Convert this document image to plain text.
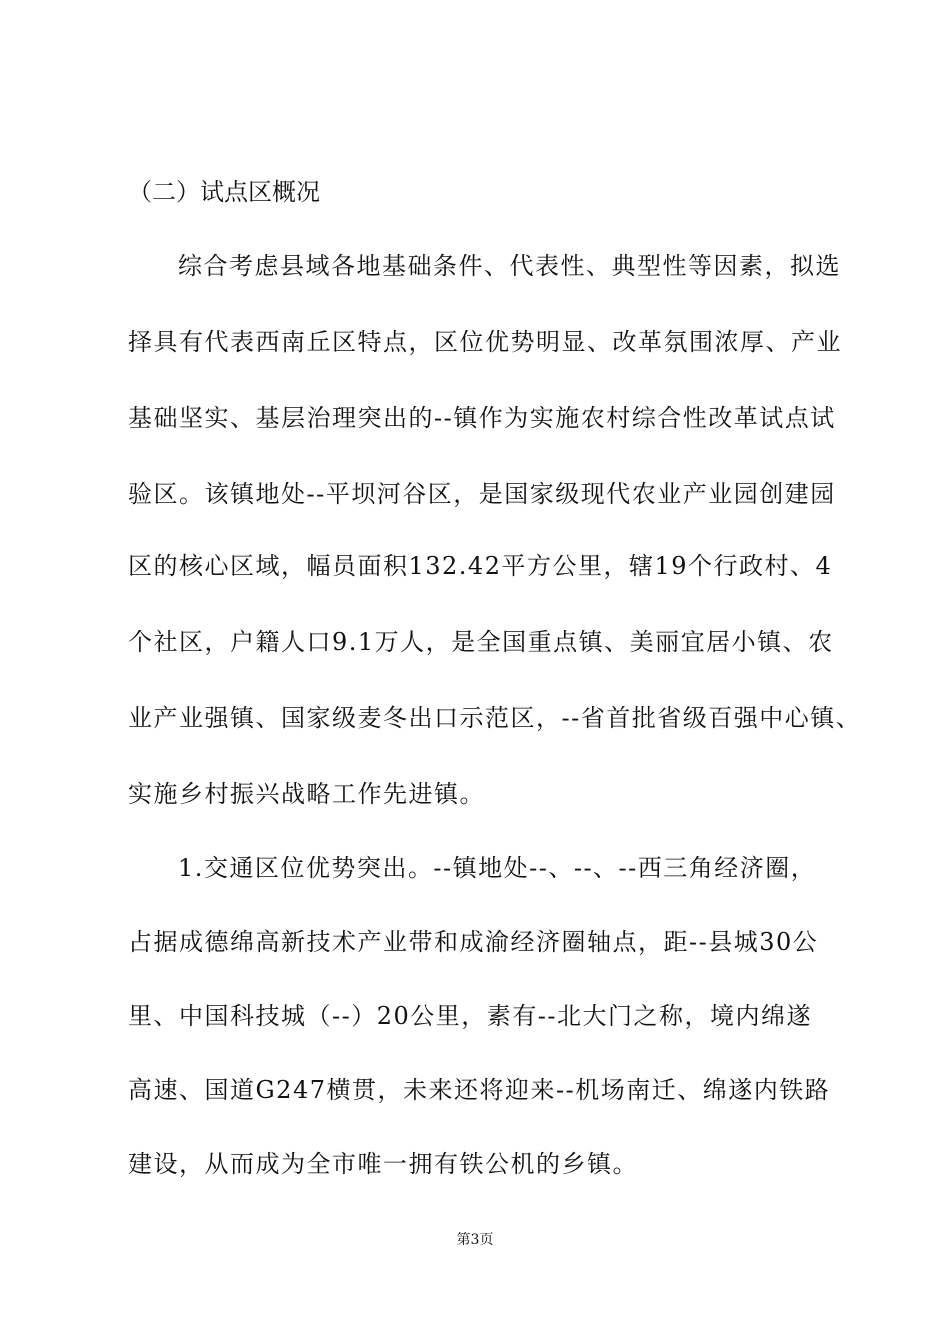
（二）试点区概况
综合考虑县域各地基础条件、代表性、典型性等因素，拟选
择具有代表西南丘区特点，区位优势明显、改革氛围浓厚、产业
基础坚实、基层治理突出的--镇作为实施农村综合性改革试点试
验区。该镇地处--平坝河谷区，是国家级现代农业产业园创建园
区的核心区域，幅员面积132.42平方公里，辖19个行政村、4
个社区，户籍人口9.1万人，是全国重点镇、美丽宜居小镇、农
业产业强镇、国家级麦冬出口示范区，--省首批省级百强中心镇、
实施乡村振兴战略工作先进镇。
1.交通区位优势突出。--镇地处--、--、--西三角经济圈，
占据成德绵高新技术产业带和成渝经济圈轴点，距--县城30公
里、中国科技城（--）20公里，素有--北大门之称，境内绵遂
高速、国道G247横贯，未来还将迎来--机场南迁、绵遂内铁路
建设，从而成为全市唯一拥有铁公机的乡镇。
第3页
